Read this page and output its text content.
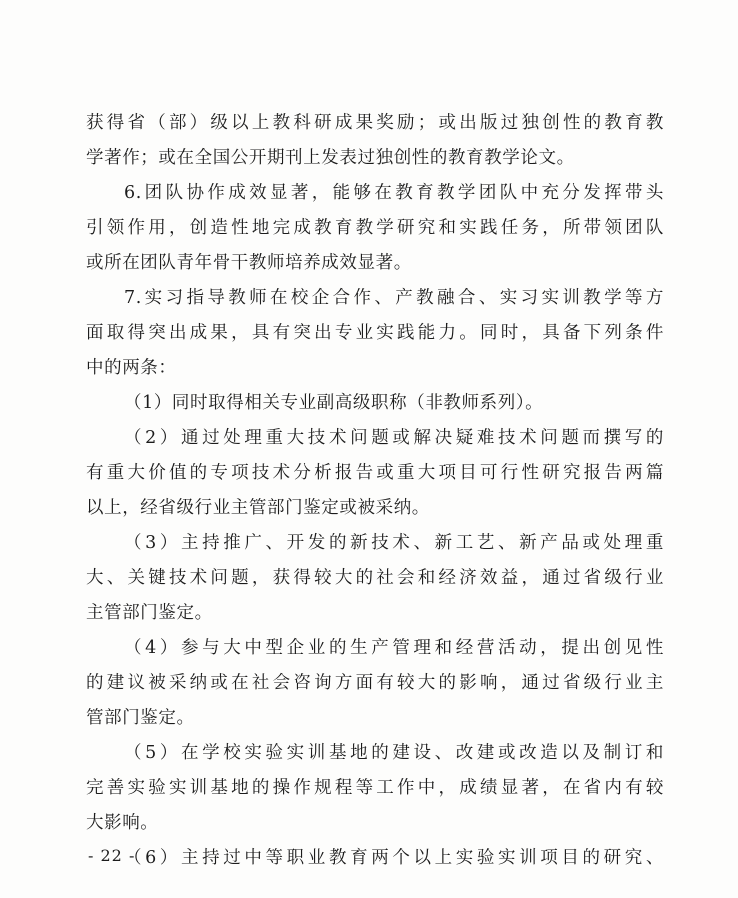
获得省（部）级以上教科研成果奖励；或出版过独创性的教育教
学著作；或在全国公开期刊上发表过独创性的教育教学论文。
6.团队协作成效显著，能够在教育教学团队中充分发挥带头
引领作用，创造性地完成教育教学研究和实践任务，所带领团队
或所在团队青年骨干教师培养成效显著。
7.实习指导教师在校企合作、产教融合、实习实训教学等方
面取得突出成果，具有突出专业实践能力。同时，具备下列条件
中的两条：
（1）同时取得相关专业副高级职称（非教师系列）。
（2）通过处理重大技术问题或解决疑难技术问题而撰写的
有重大价值的专项技术分析报告或重大项目可行性研究报告两篇
以上，经省级行业主管部门鉴定或被采纳。
（3）主持推广、开发的新技术、新工艺、新产品或处理重
大、关键技术问题，获得较大的社会和经济效益，通过省级行业
主管部门鉴定。
（4）参与大中型企业的生产管理和经营活动，提出创见性
的建议被采纳或在社会咨询方面有较大的影响，通过省级行业主
管部门鉴定。
（5）在学校实验实训基地的建设、改建或改造以及制订和
完善实验实训基地的操作规程等工作中，成绩显著，在省内有较
大影响。
（6）主持过中等职业教育两个以上实验实训项目的研究、
- 22 -
